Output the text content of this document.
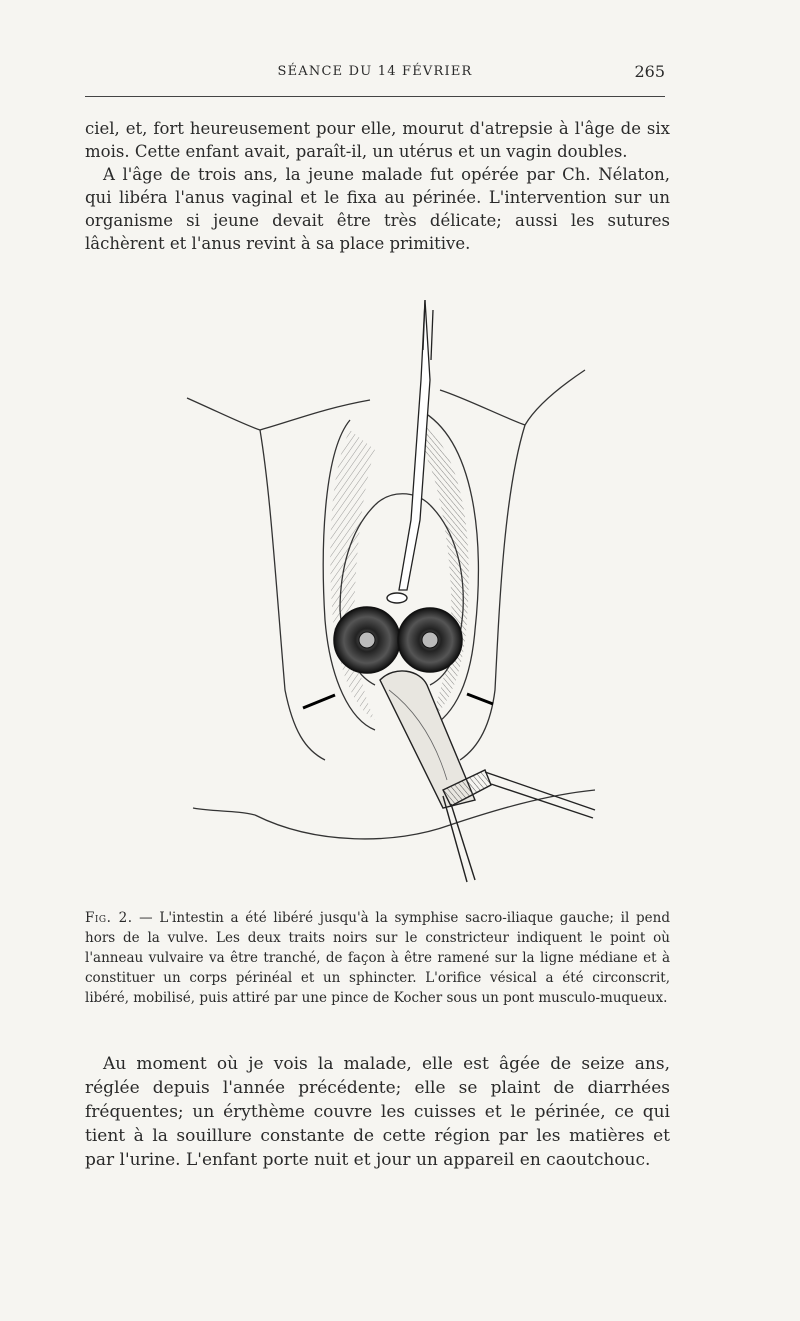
SÉANCE DU 14 FÉVRIER	265
ciel, et, fort heureusement pour elle, mourut d'atrepsie à l'âge de six mois. Cette enfant avait, paraît-il, un utérus et un vagin doubles.
A l'âge de trois ans, la jeune malade fut opérée par Ch. Nélaton, qui libéra l'anus vaginal et le fixa au périnée. L'intervention sur un organisme si jeune devait être très délicate; aussi les sutures lâchèrent et l'anus revint à sa place primitive.
Fig. 2. — L'intestin a été libéré jusqu'à la symphise sacro-iliaque gauche; il pend hors de la vulve. Les deux traits noirs sur le constricteur indiquent le point où l'anneau vulvaire va être tranché, de façon à être ramené sur la ligne médiane et à constituer un corps périnéal et un sphincter. L'orifice vésical a été circonscrit, libéré, mobilisé, puis attiré par une pince de Kocher sous un pont musculo-muqueux.
Au moment où je vois la malade, elle est âgée de seize ans, réglée depuis l'année précédente; elle se plaint de diarrhées fréquentes; un érythème couvre les cuisses et le périnée, ce qui tient à la souillure constante de cette région par les matières et par l'urine. L'enfant porte nuit et jour un appareil en caoutchouc.
